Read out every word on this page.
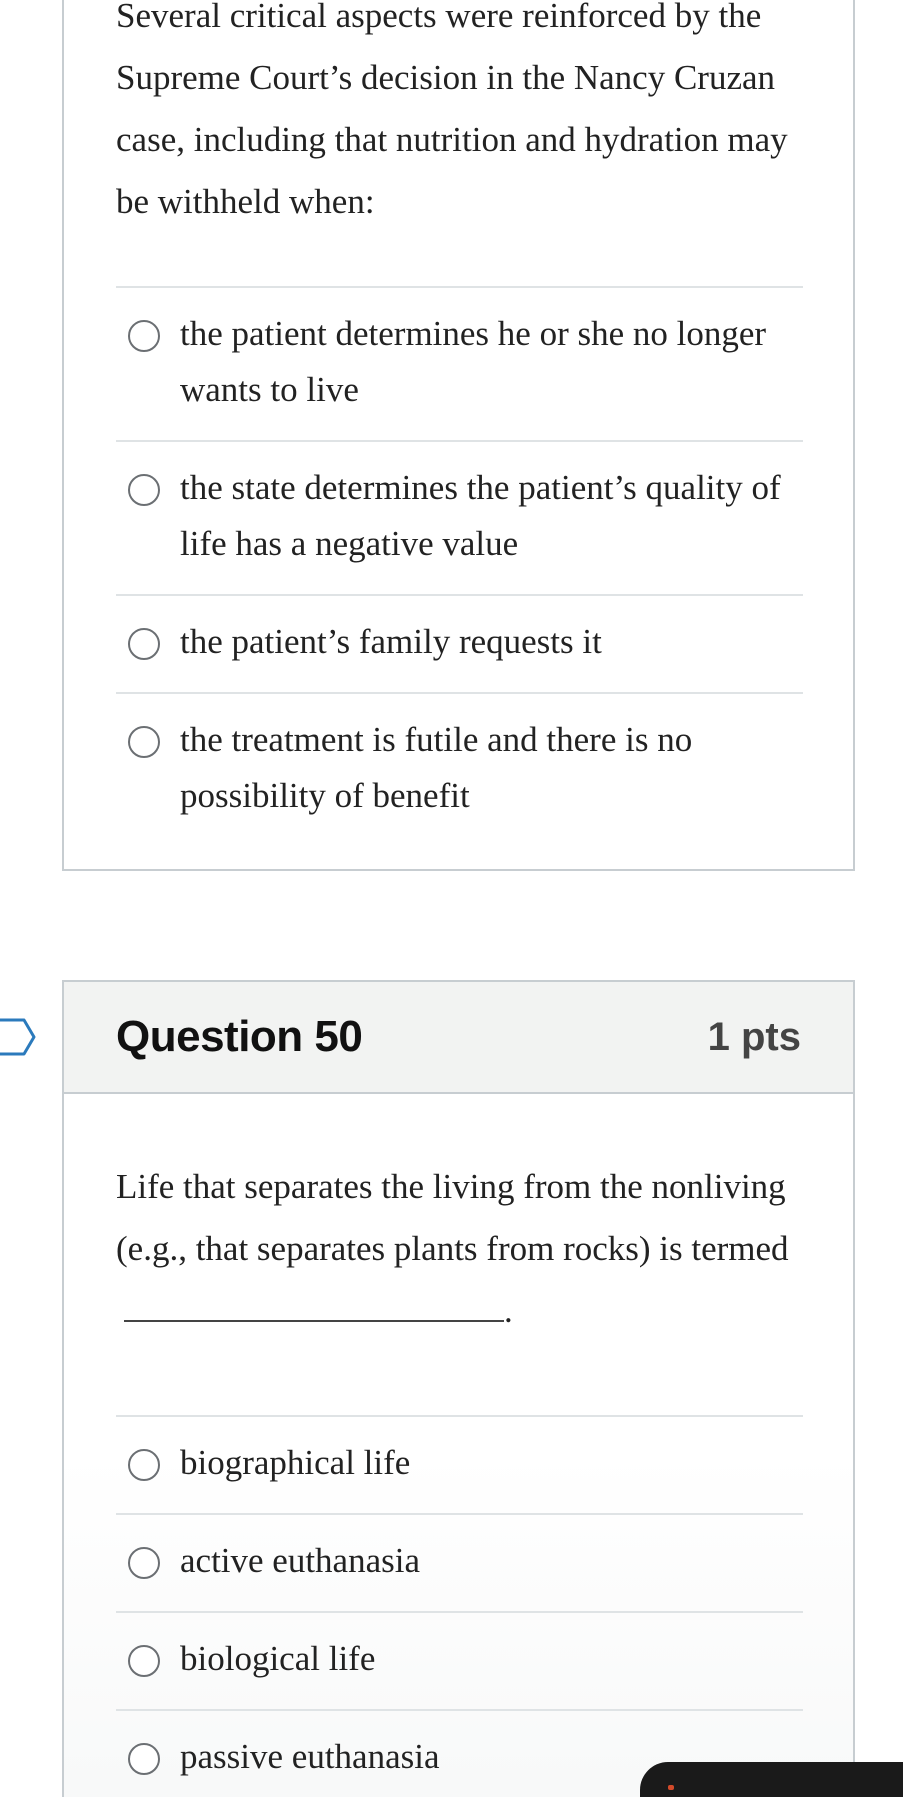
Several critical aspects were reinforced by the Supreme Court’s decision in the Nancy Cruzan case, including that nutrition and hydration may be withheld when:
the patient determines he or she no longer wants to live
the state determines the patient’s quality of life has a negative value
the patient’s family requests it
the treatment is futile and there is no possibility of benefit
Question 50	1 pts
Life that separates the living from the nonliving (e.g., that separates plants from rocks) is termed.
biographical life
active euthanasia
biological life
passive euthanasia
